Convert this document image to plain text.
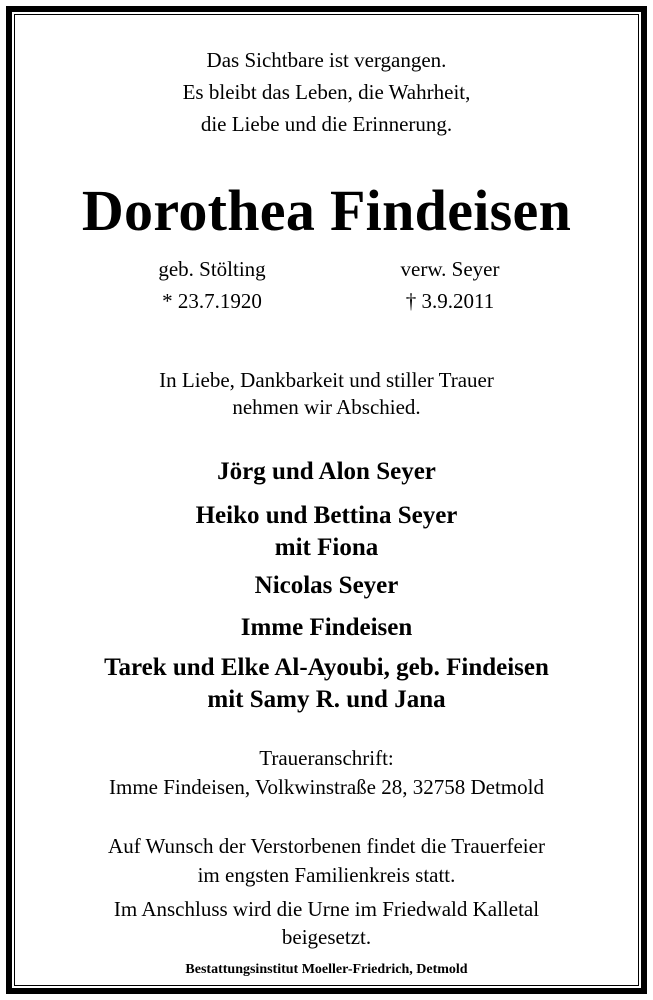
Das Sichtbare ist vergangen.
Es bleibt das Leben, die Wahrheit,
die Liebe und die Erinnerung.
Dorothea Findeisen
geb. Stölting	verw. Seyer
* 23.7.1920	† 3.9.2011
In Liebe, Dankbarkeit und stiller Trauer
nehmen wir Abschied.
Jörg und Alon Seyer
Heiko und Bettina Seyer
mit Fiona
Nicolas Seyer
Imme Findeisen
Tarek und Elke Al-Ayoubi, geb. Findeisen
mit Samy R. und Jana
Traueranschrift:
Imme Findeisen, Volkwinstraße 28, 32758 Detmold
Auf Wunsch der Verstorbenen findet die Trauerfeier
im engsten Familienkreis statt.
Im Anschluss wird die Urne im Friedwald Kalletal
beigesetzt.
Bestattungsinstitut Moeller-Friedrich, Detmold
